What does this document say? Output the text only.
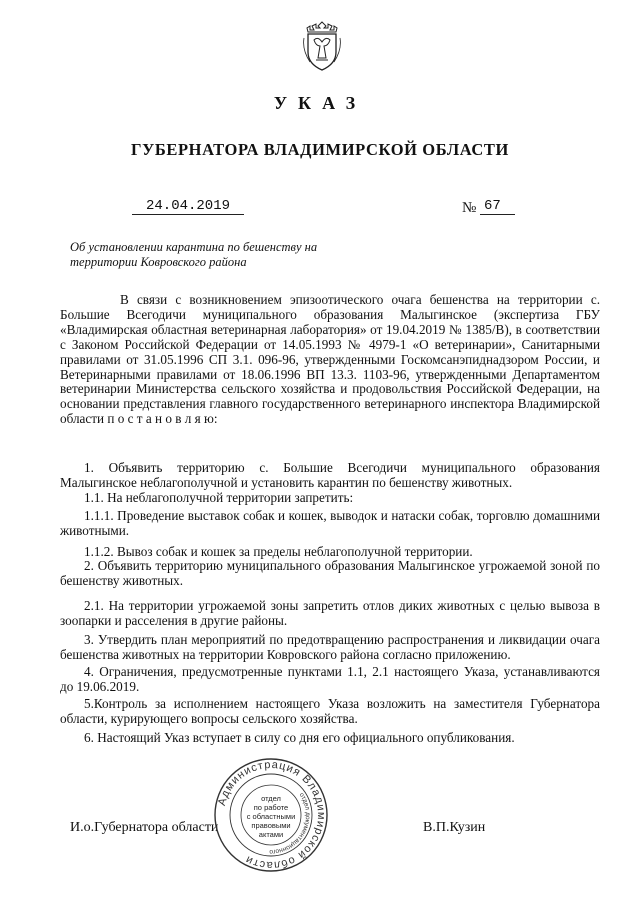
УКАЗ
ГУБЕРНАТОРА ВЛАДИМИРСКОЙ ОБЛАСТИ
24.04.2019	№ 67
Об установлении карантина по бешенству на территории Ковровского района

В связи с возникновением эпизоотического очага бешенства на территории с. Большие Всегодичи муниципального образования Малыгинское (экспертиза ГБУ «Владимирская областная ветеринарная лаборатория» от 19.04.2019 № 1385/В), в соответствии с Законом Российской Федерации от 14.05.1993 № 4979-1 «О ветеринарии», Санитарными правилами от 31.05.1996 СП 3.1. 096-96, утвержденными Госкомсанэпиднадзором России, и Ветеринарными правилами от 18.06.1996 ВП 13.3. 1103-96, утвержденными Департаментом ветеринарии Министерства сельского хозяйства и продовольствия Российской Федерации, на основании представления главного государственного ветеринарного инспектора Владимирской области п о с т а н о в л я ю:

1. Объявить территорию с. Большие Всегодичи муниципального образования Малыгинское неблагополучной и установить карантин по бешенству животных.

1.1. На неблагополучной территории запретить:

1.1.1. Проведение выставок собак и кошек, выводок и натаски собак, торговлю домашними животными.

1.1.2. Вывоз собак и кошек за пределы неблагополучной территории.

2. Объявить территорию муниципального образования Малыгинское угрожаемой зоной по бешенству животных.

2.1. На территории угрожаемой зоны запретить отлов диких животных с целью вывоза в зоопарки и расселения в другие районы.

3. Утвердить план мероприятий по предотвращению распространения и ликвидации очага бешенства животных на территории Ковровского района согласно приложению.

4. Ограничения, предусмотренные пунктами 1.1, 2.1 настоящего Указа, устанавливаются до 19.06.2019.

5.Контроль за исполнением настоящего Указа возложить на заместителя Губернатора области, курирующего вопросы сельского хозяйства.

6. Настоящий Указ вступает в силу со дня его официального опубликования.

И.о.Губернатора области	В.П.Кузин
Администрация Владимирской области
отдел документационного
отдел
по работе
с областными
правовыми
актами
